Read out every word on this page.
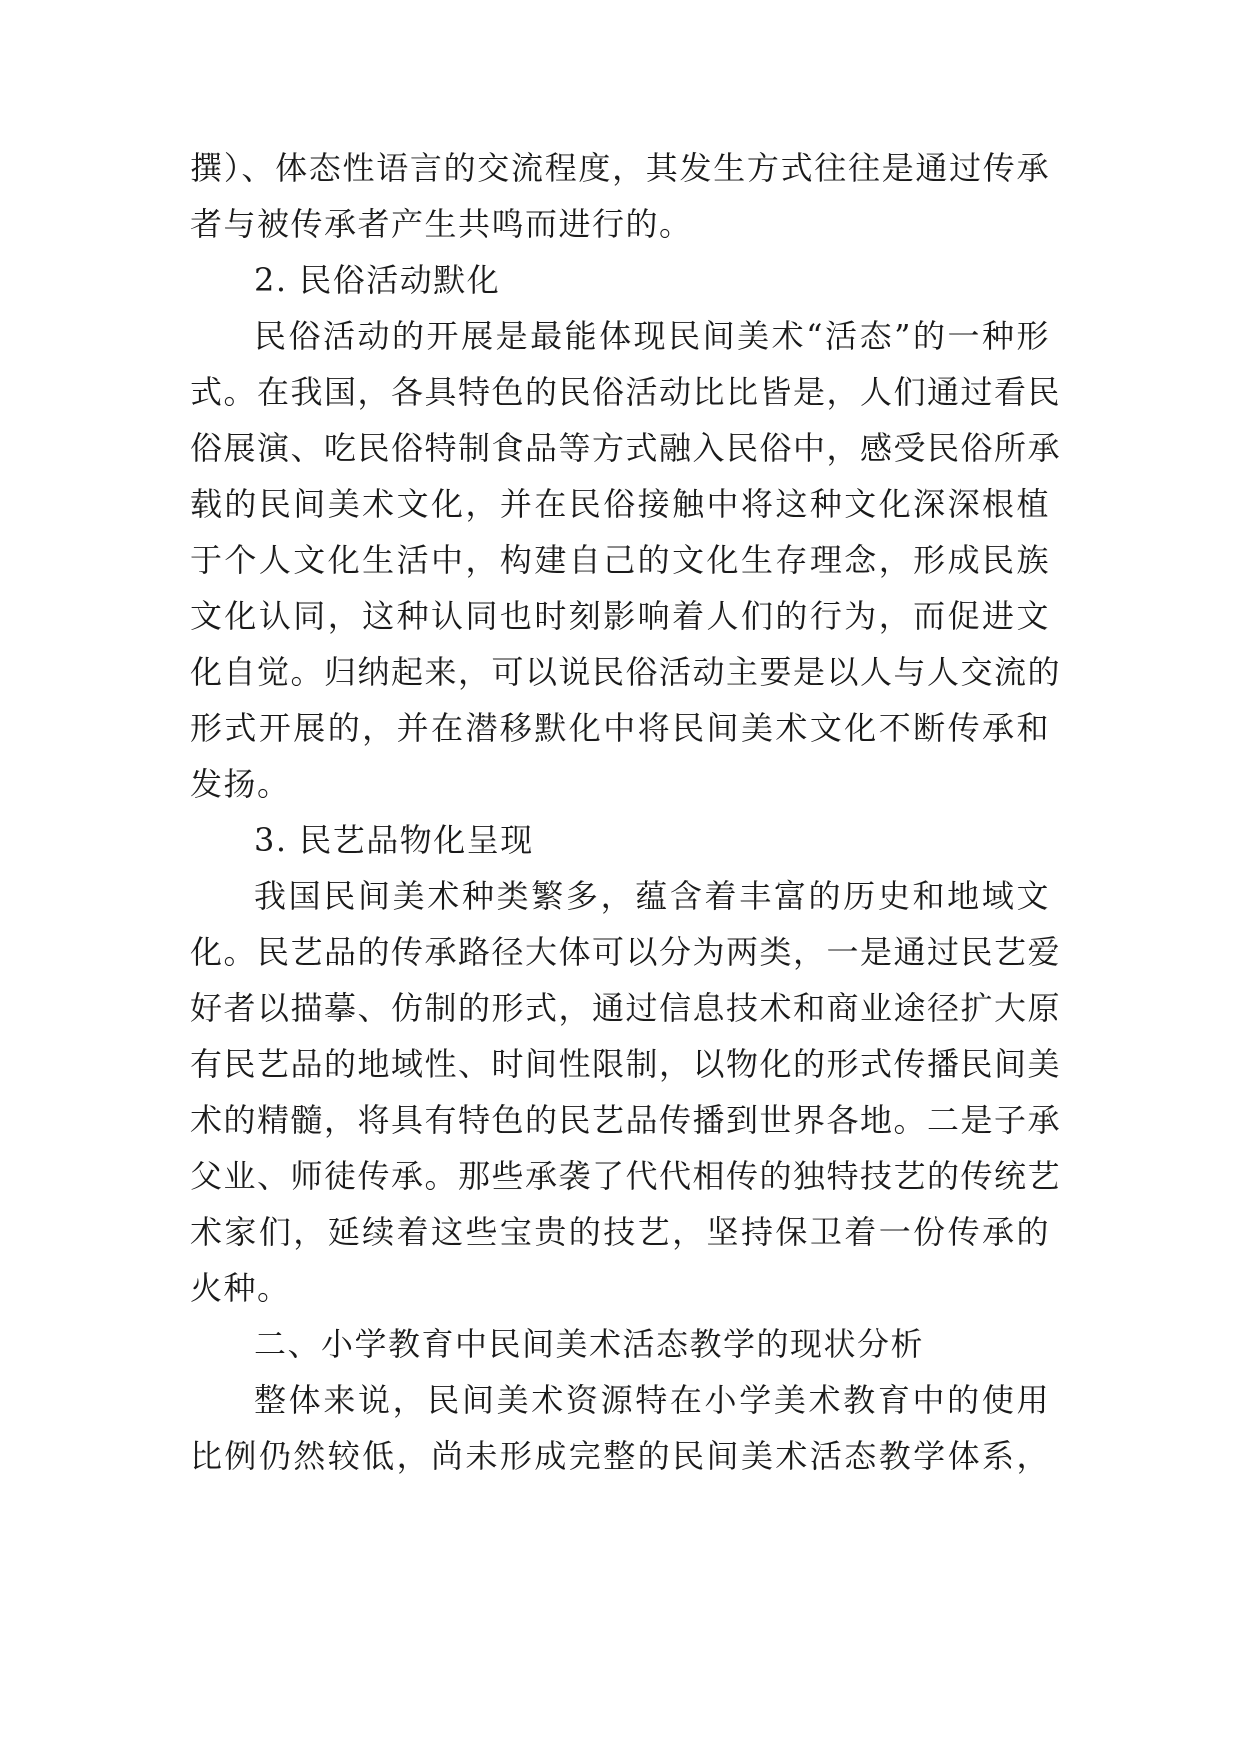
撰）、体态性语言的交流程度，其发生方式往往是通过传承
者与被传承者产生共鸣而进行的。
2. 民俗活动默化
民俗活动的开展是最能体现民间美术“活态”的一种形
式。在我国，各具特色的民俗活动比比皆是，人们通过看民
俗展演、吃民俗特制食品等方式融入民俗中，感受民俗所承
载的民间美术文化，并在民俗接触中将这种文化深深根植
于个人文化生活中，构建自己的文化生存理念，形成民族
文化认同，这种认同也时刻影响着人们的行为，而促进文
化自觉。归纳起来，可以说民俗活动主要是以人与人交流的
形式开展的，并在潜移默化中将民间美术文化不断传承和
发扬。
3. 民艺品物化呈现
我国民间美术种类繁多，蕴含着丰富的历史和地域文
化。民艺品的传承路径大体可以分为两类，一是通过民艺爱
好者以描摹、仿制的形式，通过信息技术和商业途径扩大原
有民艺品的地域性、时间性限制，以物化的形式传播民间美
术的精髓，将具有特色的民艺品传播到世界各地。二是子承
父业、师徒传承。那些承袭了代代相传的独特技艺的传统艺
术家们，延续着这些宝贵的技艺，坚持保卫着一份传承的
火种。
二、小学教育中民间美术活态教学的现状分析
整体来说，民间美术资源特在小学美术教育中的使用
比例仍然较低，尚未形成完整的民间美术活态教学体系，
